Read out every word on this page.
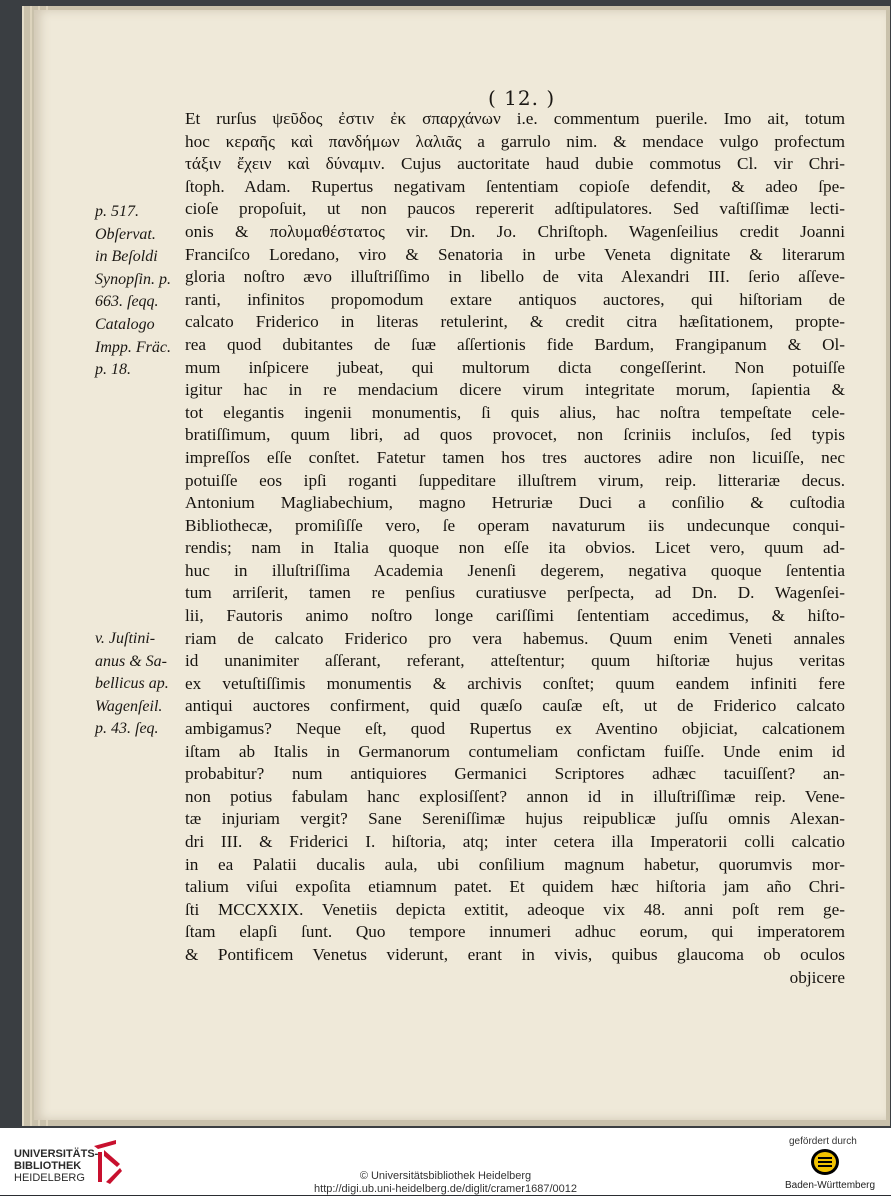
( 12. )
Et rurſus ψεῦδος ἐστιν ἐκ σπαρχάνων i.e. commentum puerile. Imo ait, totum
hoc κεραῆς καὶ πανδήμων λαλιᾶς a garrulo nim. & mendace vulgo profectum
τάξιν ἔχειν καὶ δύναμιν. Cujus auctoritate haud dubie commotus Cl. vir Chri-
ſtoph. Adam. Rupertus negativam ſententiam copioſe defendit, & adeo ſpe-
cioſe propoſuit, ut non paucos repererit adſtipulatores. Sed vaſtiſſimæ lecti-
onis & πολυμαθέστατος vir. Dn. Jo. Chriſtoph. Wagenſeilius credit Joanni
Franciſco Loredano, viro & Senatoria in urbe Veneta dignitate & literarum
gloria noſtro ævo illuſtriſſimo in libello de vita Alexandri III. ſerio aſſeve-
ranti, infinitos propomodum extare antiquos auctores, qui hiſtoriam de
calcato Friderico in literas retulerint, & credit citra hæſitationem, propte-
rea quod dubitantes de ſuæ aſſertionis fide Bardum, Frangipanum & Ol-
mum inſpicere jubeat, qui multorum dicta congeſſerint. Non potuiſſe
igitur hac in re mendacium dicere virum integritate morum, ſapientia &
tot elegantis ingenii monumentis, ſi quis alius, hac noſtra tempeſtate cele-
bratiſſimum, quum libri, ad quos provocet, non ſcriniis incluſos, ſed typis
impreſſos eſſe conſtet. Fatetur tamen hos tres auctores adire non licuiſſe, nec
potuiſſe eos ipſi roganti ſuppeditare illuſtrem virum, reip. litterariæ decus.
Antonium Magliabechium, magno Hetruriæ Duci a conſilio & cuſtodia
Bibliothecæ, promiſiſſe vero, ſe operam navaturum iis undecunque conqui-
rendis; nam in Italia quoque non eſſe ita obvios. Licet vero, quum ad-
huc in illuſtriſſima Academia Jenenſi degerem, negativa quoque ſententia
tum arriſerit, tamen re penſius curatiusve perſpecta, ad Dn. D. Wagenſei-
lii, Fautoris animo noſtro longe cariſſimi ſententiam accedimus, & hiſto-
riam de calcato Friderico pro vera habemus. Quum enim Veneti annales
id unanimiter aſſerant, referant, atteſtentur; quum hiſtoriæ hujus veritas
ex vetuſtiſſimis monumentis & archivis conſtet; quum eandem infiniti fere
antiqui auctores confirment, quid quæſo cauſæ eſt, ut de Friderico calcato
ambigamus? Neque eſt, quod Rupertus ex Aventino objiciat, calcationem
iſtam ab Italis in Germanorum contumeliam confictam fuiſſe. Unde enim id
probabitur? num antiquiores Germanici Scriptores adhæc tacuiſſent? an-
non potius fabulam hanc explosiſſent? annon id in illuſtriſſimæ reip. Vene-
tæ injuriam vergit? Sane Sereniſſimæ hujus reipublicæ juſſu omnis Alexan-
dri III. & Friderici I. hiſtoria, atq; inter cetera illa Imperatorii colli calcatio
in ea Palatii ducalis aula, ubi conſilium magnum habetur, quorumvis mor-
talium viſui expoſita etiamnum patet. Et quidem hæc hiſtoria jam año Chri-
ſti MCCXXIX. Venetiis depicta extitit, adeoque vix 48. anni poſt rem ge-
ſtam elapſi ſunt. Quo tempore innumeri adhuc eorum, qui imperatorem
& Pontificem Venetus viderunt, erant in vivis, quibus glaucoma ob oculos
objicere
p. 517.
Obſervat.
in Beſoldi
Synopſin. p.
663. ſeqq.
Catalogo
Impp. Fräc.
p. 18.
v. Juſtini-
anus & Sa-
bellicus ap.
Wagenſeil.
p. 43. ſeq.
UNIVERSITÄTS-
BIBLIOTHEK
HEIDELBERG	© Universitätsbibliothek Heidelberg
http://digi.ub.uni-heidelberg.de/diglit/cramer1687/0012
gefördert durch
Baden-Württemberg
